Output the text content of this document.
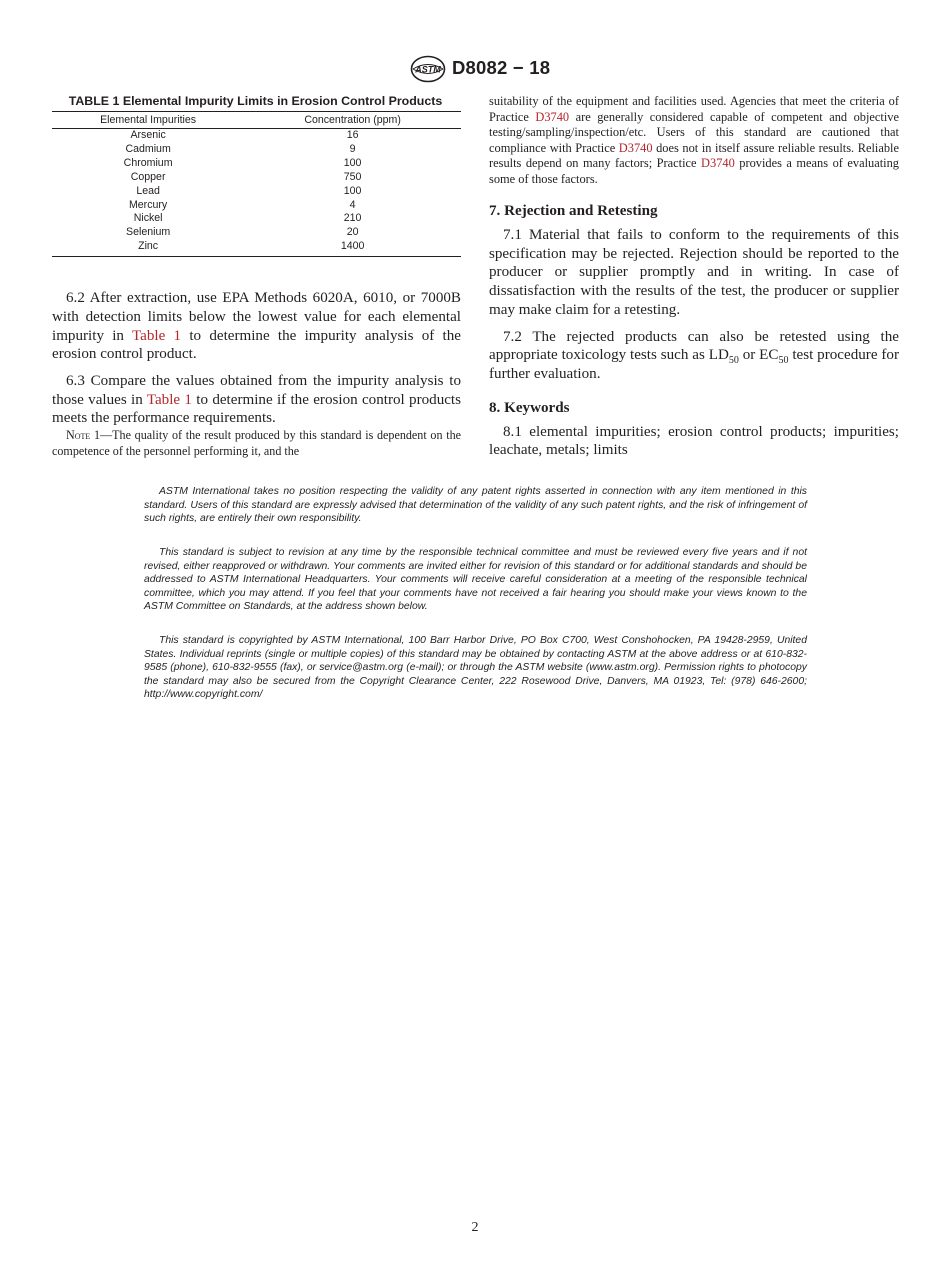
ASTM D8082 − 18
TABLE 1 Elemental Impurity Limits in Erosion Control Products
Elemental Impurities	Concentration (ppm)
Arsenic	16
Cadmium	9
Chromium	100
Copper	750
Lead	100
Mercury	4
Nickel	210
Selenium	20
Zinc	1400

6.2 After extraction, use EPA Methods 6020A, 6010, or 7000B with detection limits below the lowest value for each elemental impurity in Table 1 to determine the impurity analysis of the erosion control product.

6.3 Compare the values obtained from the impurity analysis to those values in Table 1 to determine if the erosion control products meets the performance requirements.

Note 1—The quality of the result produced by this standard is dependent on the competence of the personnel performing it, and the

suitability of the equipment and facilities used. Agencies that meet the criteria of Practice D3740 are generally considered capable of competent and objective testing/sampling/inspection/etc. Users of this standard are cautioned that compliance with Practice D3740 does not in itself assure reliable results. Reliable results depend on many factors; Practice D3740 provides a means of evaluating some of those factors.

7. Rejection and Retesting

7.1 Material that fails to conform to the requirements of this specification may be rejected. Rejection should be reported to the producer or supplier promptly and in writing. In case of dissatisfaction with the results of the test, the producer or supplier may make claim for a retesting.

7.2 The rejected products can also be retested using the appropriate toxicology tests such as $LD_{50}$ or $EC_{50}$ test procedure for further evaluation.

8. Keywords

8.1 elemental impurities; erosion control products; impurities; leachate, metals; limits

ASTM International takes no position respecting the validity of any patent rights asserted in connection with any item mentioned in this standard. Users of this standard are expressly advised that determination of the validity of any such patent rights, and the risk of infringement of such rights, are entirely their own responsibility.

This standard is subject to revision at any time by the responsible technical committee and must be reviewed every five years and if not revised, either reapproved or withdrawn. Your comments are invited either for revision of this standard or for additional standards and should be addressed to ASTM International Headquarters. Your comments will receive careful consideration at a meeting of the responsible technical committee, which you may attend. If you feel that your comments have not received a fair hearing you should make your views known to the ASTM Committee on Standards, at the address shown below.

This standard is copyrighted by ASTM International, 100 Barr Harbor Drive, PO Box C700, West Conshohocken, PA 19428-2959, United States. Individual reprints (single or multiple copies) of this standard may be obtained by contacting ASTM at the above address or at 610-832-9585 (phone), 610-832-9555 (fax), or service@astm.org (e-mail); or through the ASTM website (www.astm.org). Permission rights to photocopy the standard may also be secured from the Copyright Clearance Center, 222 Rosewood Drive, Danvers, MA 01923, Tel: (978) 646-2600; http://www.copyright.com/

2
